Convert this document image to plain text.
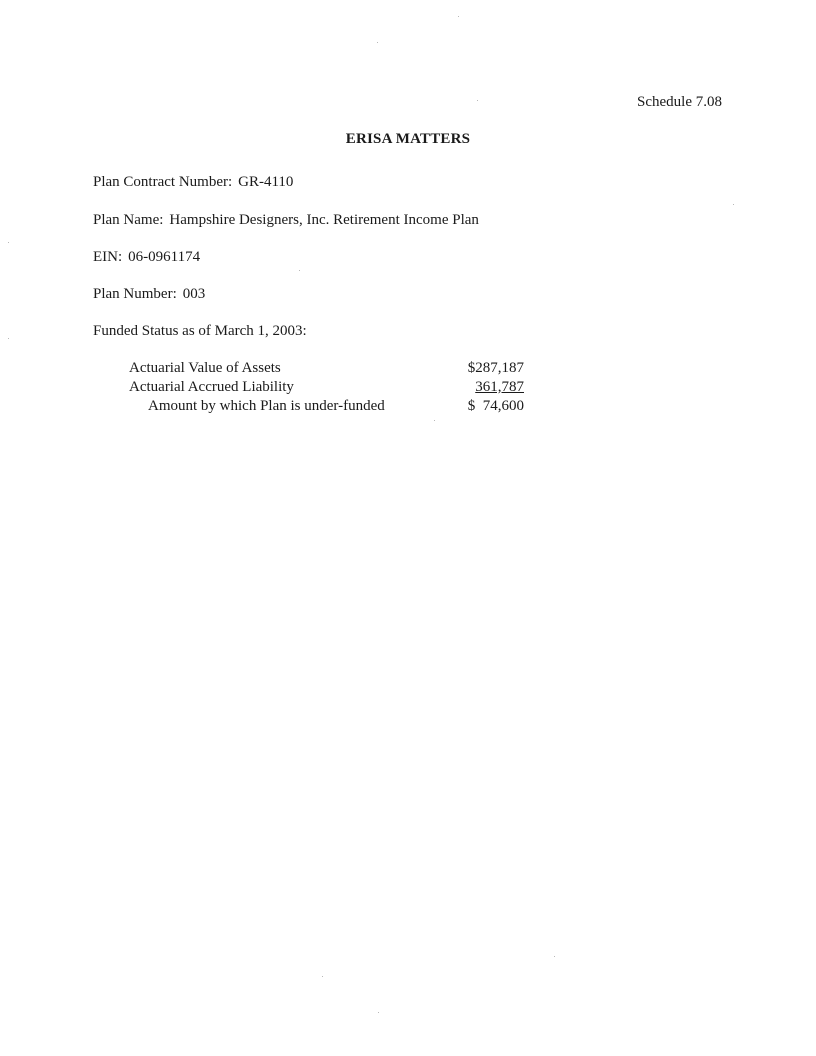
Schedule 7.08
ERISA MATTERS
Plan Contract Number: GR-4110
Plan Name: Hampshire Designers, Inc. Retirement Income Plan
EIN: 06-0961174
Plan Number: 003
Funded Status as of March 1, 2003:
Actuarial Value of Assets	$287,187
Actuarial Accrued Liability	361,787
Amount by which Plan is under-funded	$  74,600
